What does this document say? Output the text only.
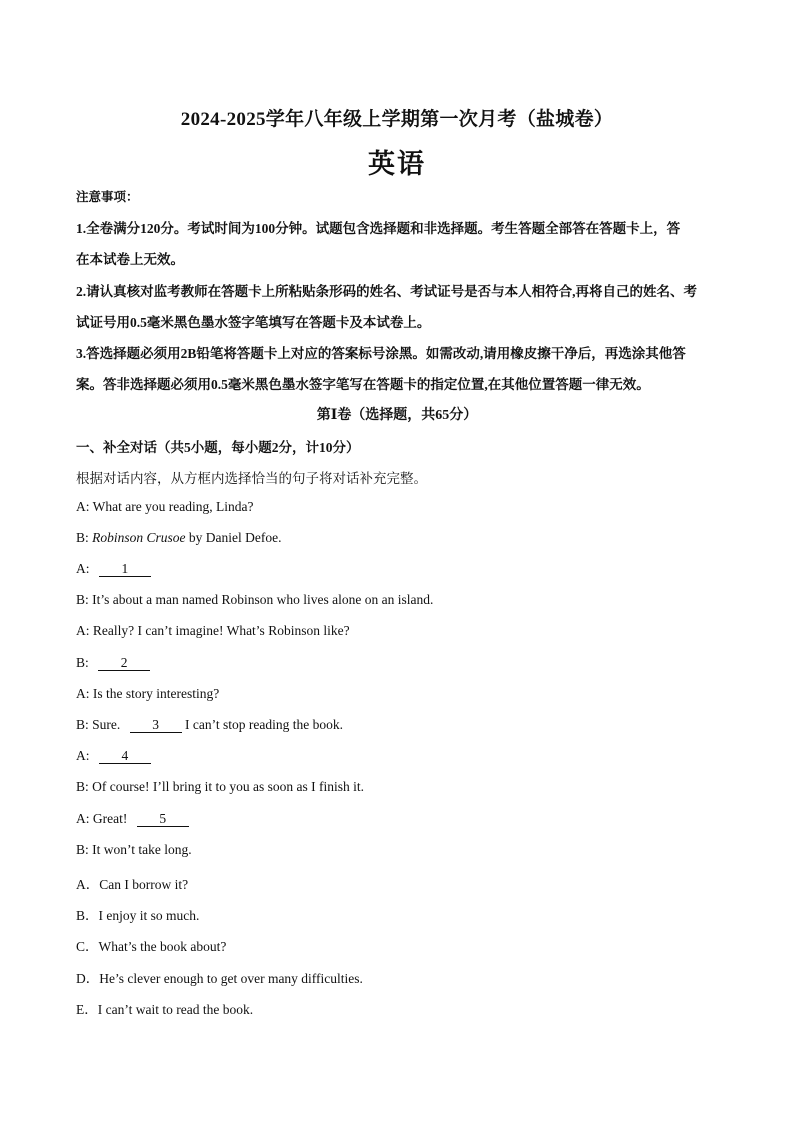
2024-2025学年八年级上学期第一次月考（盐城卷）
英语
注意事项：
1.全卷满分120分。考试时间为100分钟。试题包含选择题和非选择题。考生答题全部答在答题卡上，答
在本试卷上无效。
2.请认真核对监考教师在答题卡上所粘贴条形码的姓名、考试证号是否与本人相符合,再将自己的姓名、考
试证号用0.5毫米黑色墨水签字笔填写在答题卡及本试卷上。
3.答选择题必须用2B铅笔将答题卡上对应的答案标号涂黑。如需改动,请用橡皮擦干净后，再选涂其他答
案。答非选择题必须用0.5毫米黑色墨水签字笔写在答题卡的指定位置,在其他位置答题一律无效。
第Ⅰ卷（选择题，共65分）
一、补全对话（共5小题，每小题2分，计10分）
根据对话内容，从方框内选择恰当的句子将对话补充完整。
A: What are you reading, Linda?
B: Robinson Crusoe by Daniel Defoe.
A: 1
B: It’s about a man named Robinson who lives alone on an island.
A: Really? I can’t imagine! What’s Robinson like?
B: 2
A: Is the story interesting?
B: Sure. 3 I can’t stop reading the book.
A: 4
B: Of course! I’ll bring it to you as soon as I finish it.
A: Great! 5
B: It won’t take long.
A．Can I borrow it?
B．I enjoy it so much.
C．What’s the book about?
D．He’s clever enough to get over many difficulties.
E．I can’t wait to read the book.
